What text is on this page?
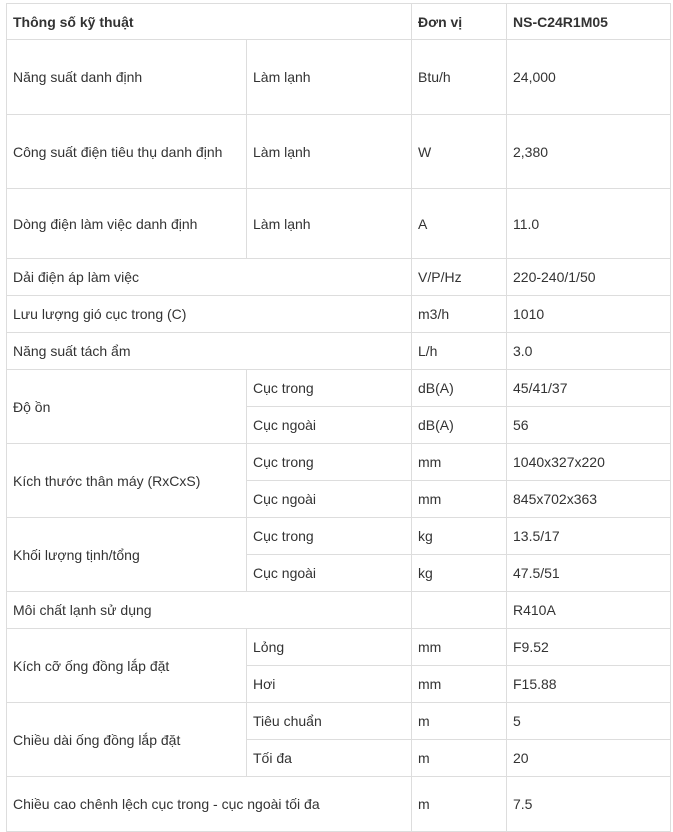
Thông số kỹ thuật		Đơn vị	NS-C24R1M05
Năng suất danh định	Làm lạnh	Btu/h	24,000
Công suất điện tiêu thụ danh định	Làm lạnh	W	2,380
Dòng điện làm việc danh định	Làm lạnh	A	11.0
Dải điện áp làm việc		V/P/Hz	220-240/1/50
Lưu lượng gió cục trong (C)		m3/h	1010
Năng suất tách ẩm		L/h	3.0
Độ ồn	Cục trong	dB(A)	45/41/37
	Cục ngoài	dB(A)	56
Kích thước thân máy (RxCxS)	Cục trong	mm	1040x327x220
	Cục ngoài	mm	845x702x363
Khối lượng tịnh/tổng	Cục trong	kg	13.5/17
	Cục ngoài	kg	47.5/51
Môi chất lạnh sử dụng			R410A
Kích cỡ ống đồng lắp đặt	Lỏng	mm	F9.52
	Hơi	mm	F15.88
Chiều dài ống đồng lắp đặt	Tiêu chuẩn	m	5
	Tối đa	m	20
Chiều cao chênh lệch cục trong - cục ngoài tối đa		m	7.5
